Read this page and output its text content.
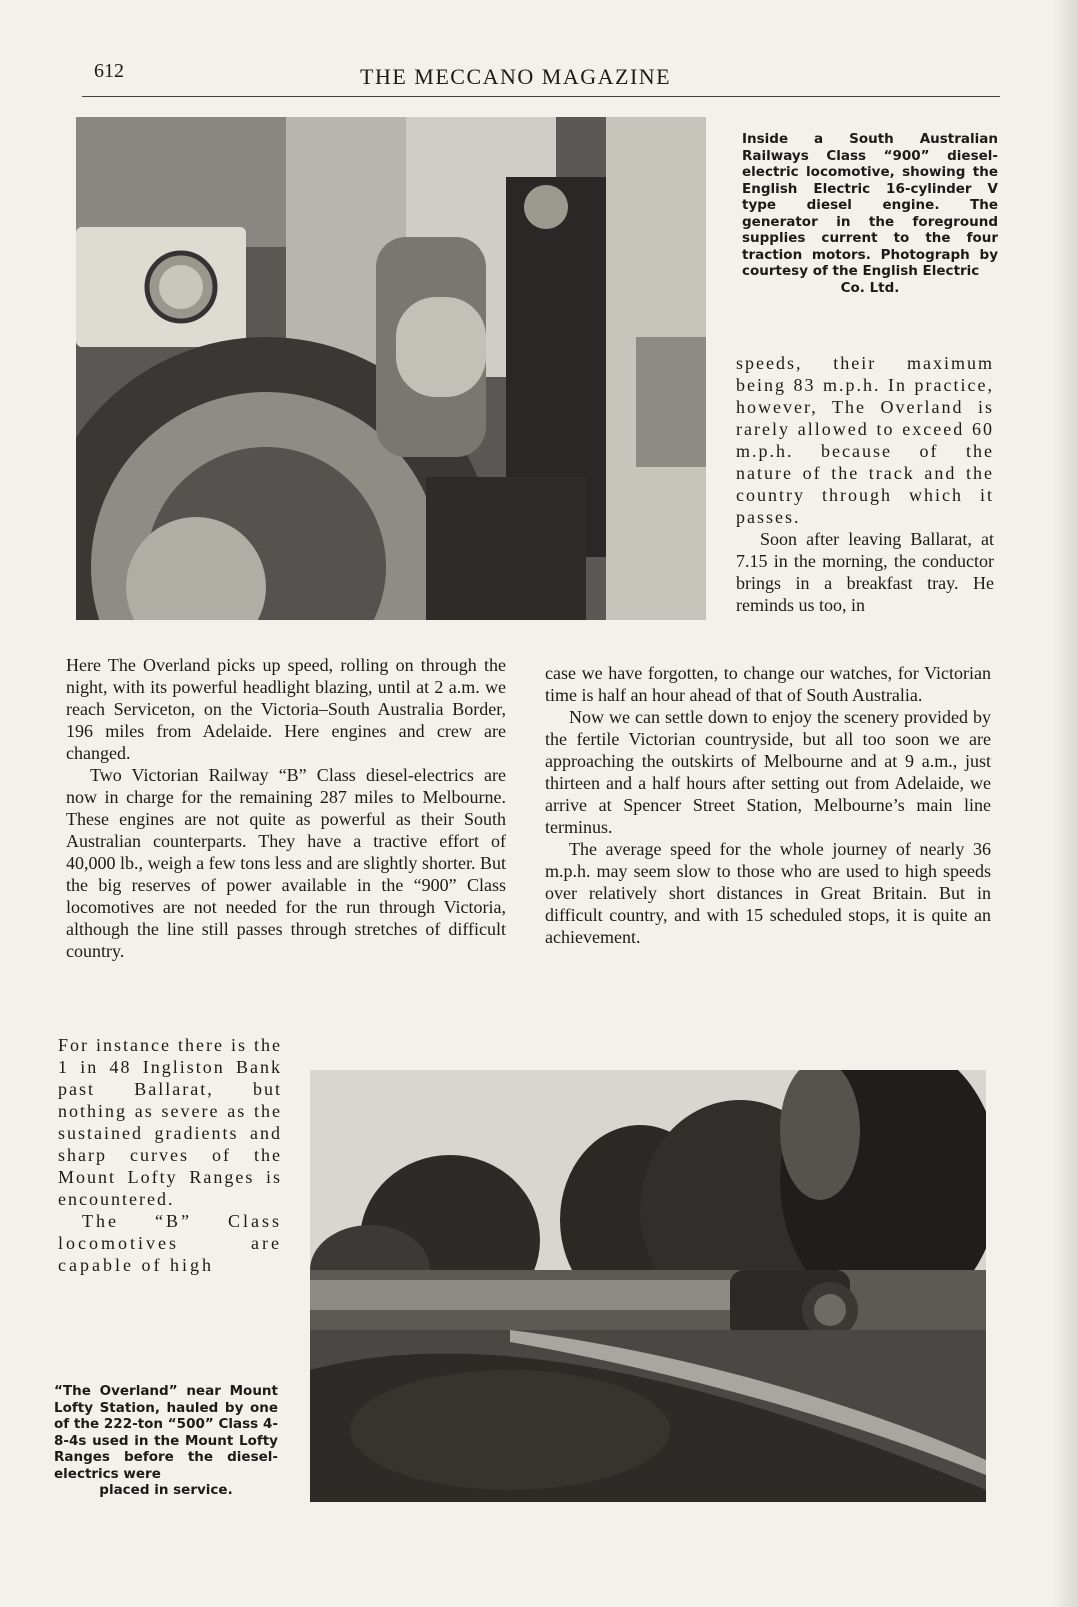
612	THE MECCANO MAGAZINE
Inside a South Australian Railways Class “900” diesel-electric locomotive, showing the English Electric 16-cylinder V type diesel engine. The generator in the foreground supplies current to the four traction motors. Photograph by courtesy of the English Electric
Co. Ltd.

speeds, their maximum being 83 m.p.h. In practice, however, The Overland is rarely allowed to exceed 60 m.p.h. because of the nature of the track and the country through which it passes.

Soon after leaving Ballarat, at 7.15 in the morning, the conductor brings in a breakfast tray. He reminds us too, in

Here The Overland picks up speed, rolling on through the night, with its powerful headlight blazing, until at 2 a.m. we reach Serviceton, on the Victoria–South Australia Border, 196 miles from Adelaide. Here engines and crew are changed.

Two Victorian Railway “B” Class diesel-electrics are now in charge for the remaining 287 miles to Melbourne. These engines are not quite as powerful as their South Australian counterparts. They have a tractive effort of 40,000 lb., weigh a few tons less and are slightly shorter. But the big reserves of power available in the “900” Class locomotives are not needed for the run through Victoria, although the line still passes through stretches of difficult country.

For instance there is the 1 in 48 Ingliston Bank past Ballarat, but nothing as severe as the sustained gradients and sharp curves of the Mount Lofty Ranges is encountered.

The “B” Class locomotives are capable of high

case we have forgotten, to change our watches, for Victorian time is half an hour ahead of that of South Australia.

Now we can settle down to enjoy the scenery provided by the fertile Victorian countryside, but all too soon we are approaching the outskirts of Melbourne and at 9 a.m., just thirteen and a half hours after setting out from Adelaide, we arrive at Spencer Street Station, Melbourne’s main line terminus.

The average speed for the whole journey of nearly 36 m.p.h. may seem slow to those who are used to high speeds over relatively short distances in Great Britain. But in difficult country, and with 15 scheduled stops, it is quite an achievement.

“The Overland” near Mount Lofty Station, hauled by one of the 222-ton “500” Class 4-8-4s used in the Mount Lofty Ranges before the diesel-electrics were
placed in service.
